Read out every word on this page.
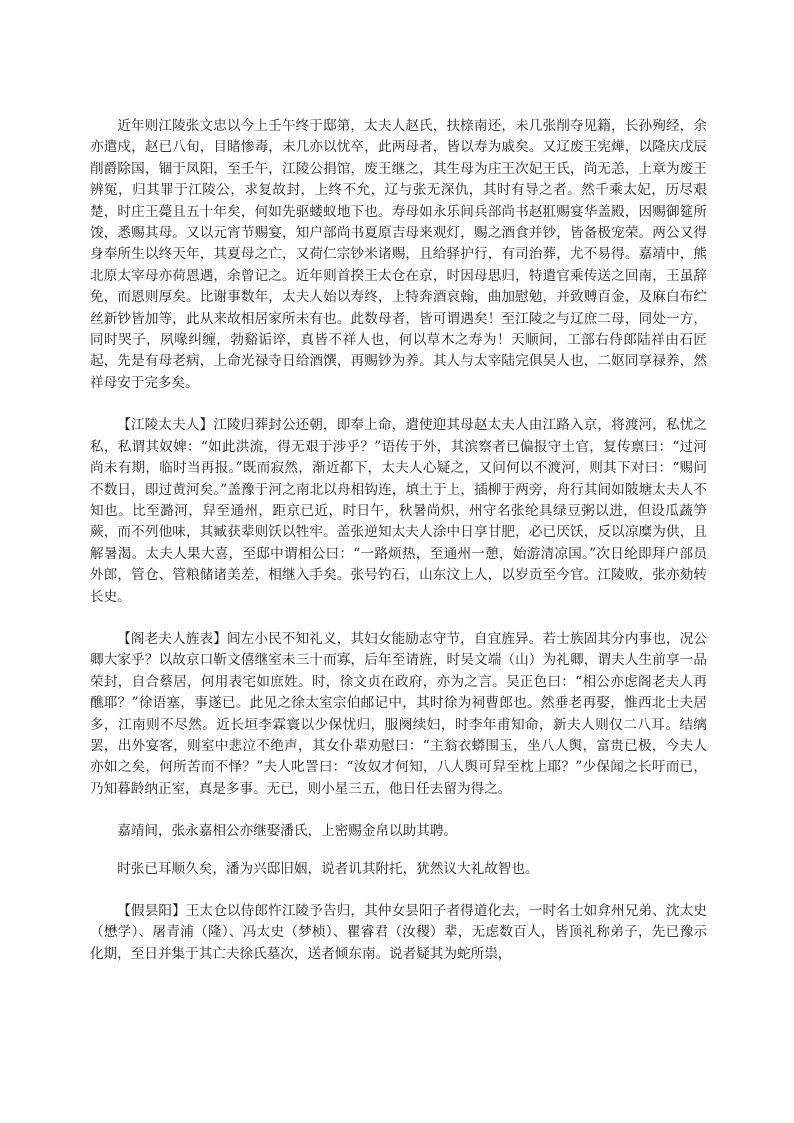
近年则江陵张文忠以今上壬午终于邸第，太夫人赵氏，扶榇南还，未几张削夺见籍，长孙殉经，余亦遣戍，赵已八旬，目睹惨毒，未几亦以忧卒，此两母者，皆以寿为戚矣。又辽废王宪燁，以隆庆戊辰削爵除国，锢于凤阳，至壬午，江陵公捐馆，废王继之，其生母为庄王次妃王氏，尚无恙，上章为废王辨冤，归其罪于江陵公，求复故封，上终不允，辽与张无深仇，其时有导之者。然千乘太妃，历尽艰楚，时庄王薨且五十年矣，何如先驱蝼蚁地下也。寿母如永乐间兵部尚书赵羾赐宴华盖殿，因赐御筵所馂，悉赐其母。又以元宵节赐宴，知户部尚书夏原吉母来观灯，赐之酒食并钞，皆备极宠荣。两公又得身奉所生以终天年，其夏母之亡，又荷仁宗钞米诸赐，且给驿护行，有司治葬，尤不易得。嘉靖中，熊北原太宰母亦荷恩遇，余曾记之。近年则首揆王太仓在京，时因母思归，特遣官乘传送之回南，王虽辞免，而恩则厚矣。比谢事数年，太夫人始以寿终，上特奔酒哀翰，曲加慰勉，并致赙百金，及麻白布纻丝新钞皆加等，此从来故相居家所未有也。此数母者，皆可谓遇矣！至江陵之与辽庶二母，同处一方，同时哭子，夙喙纠缠，勃谿诟谇，真皆不祥人也，何以草木之寿为！天顺间，工部右侍郎陆祥由石匠起，先是有母老病，上命光禄寺日给酒馔，再赐钞为养。其人与太宰陆完俱吴人也，二妪同享禄养，然祥母安于完多矣。

【江陵太夫人】江陵归葬封公还朝，即奉上命，遣使迎其母赵太夫人由江路入京，将渡河，私忧之私，私谓其奴婢：“如此洪流，得无艰于涉乎？”语传于外，其滨察者已偏报守土官，复传禀曰：“过河尚未有期，临时当再报。”既而寂然，渐近都下，太夫人心疑之，又问何以不渡河，则其下对曰：“赐问不数日，即过黄河矣。”盖豫于河之南北以舟相钩连，填土于上，插柳于两旁，舟行其间如陂塘太夫人不知也。比至潞河，舁至通州，距京已近，时日午，秋暑尚炽，州守名张纶具绿豆粥以进，但设瓜蔬笋蕨，而不列他味，其臧获辈则饫以牲牢。盖张逆知太夫人涂中日享甘肥，必已厌饫，反以凉糜为供，且解暑渴。太夫人果大喜，至邸中谓相公曰：“一路烦热，至通州一憩，始游清凉国。”次日纶即拜户部员外郎，管仓、管粮储诸美差，相继入手矣。张号钓石，山东汶上人，以岁贡至今官。江陵败，张亦劾转长史。

【阁老夫人旌表】闾左小民不知礼义，其妇女能励志守节，自宜旌异。若士族固其分内事也，况公卿大家乎？以故京口靳文僖继室未三十而寡，后年至请旌，时吴文端（山）为礼卿，谓夫人生前享一品荣封，自合蔡居，何用表宅如庶姓。时，徐文贞在政府，亦为之言。吴正色曰：“相公亦虑阁老夫人再醮耶？”徐语塞，事遂已。此见之徐太室宗伯邮记中，其时徐为祠曹郎也。然垂老再娶，惟西北士夫居多，江南则不尽然。近长垣李霖寰以少保忧归，服阕续妇，时李年甫知命，新夫人则仅二八耳。结缡罢，出外宴客，则室中悲泣不绝声，其女仆辈劝慰曰：“主翁衣蟒围玉，坐八人舆，富贵已极，今夫人亦如之矣，何所苦而不怿？”夫人叱詈曰：“汝奴才何知，八人舆可舁至枕上耶？”少保闻之长吁而已，乃知暮龄纳正室，真是多事。无已，则小星三五，他日任去留为得之。

嘉靖间，张永嘉相公亦继娶潘氏，上密赐金帛以助其聘。

时张已耳顺久矣，潘为兴邸旧姻，说者讥其附托，犹然议大礼故智也。

【假昙阳】王太仓以侍郎忤江陵予告归，其仲女昙阳子者得道化去，一时名士如弇州兄弟、沈太史（懋学）、屠青浦（隆）、冯太史（梦桢）、瞿睿君（汝稷）辈，无虑数百人，皆顶礼称弟子，先已豫示化期，至日并集于其亡夫徐氏墓次，送者倾东南。说者疑其为蛇所祟，
